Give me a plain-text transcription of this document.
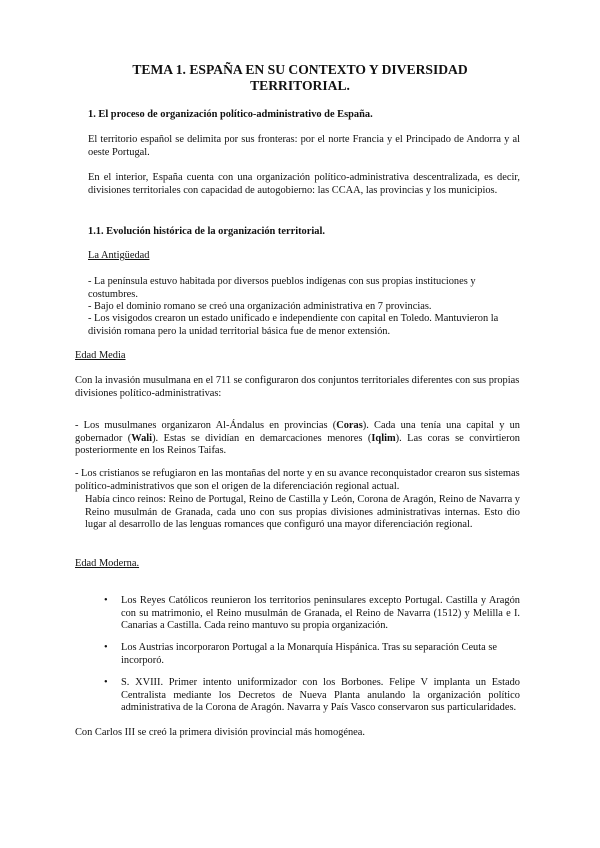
TEMA 1. ESPAÑA EN SU CONTEXTO Y DIVERSIDAD
TERRITORIAL.

1. El proceso de organización político-administrativo de España.

El territorio español se delimita por sus fronteras: por el norte Francia y el Principado de Andorra y al oeste Portugal.

En el interior, España cuenta con una organización político-administrativa descentralizada, es decir, divisiones territoriales con capacidad de autogobierno: las CCAA, las provincias y los municipios.

1.1. Evolución histórica de la organización territorial.

La Antigüedad

- La península estuvo habitada por diversos pueblos indígenas con sus propias instituciones y costumbres.

- Bajo el dominio romano se creó una organización administrativa en 7 provincias.

- Los visigodos crearon un estado unificado e independiente con capital en Toledo. Mantuvieron la división romana pero la unidad territorial básica fue de menor extensión.

Edad Media

Con la invasión musulmana en el 711 se configuraron dos conjuntos territoriales diferentes con sus propias divisiones político-administrativas:

- Los musulmanes organizaron Al-Ándalus en provincias (Coras). Cada una tenía una capital y un gobernador (Wali). Estas se dividían en demarcaciones menores (Iqlim). Las coras se convirtieron posteriormente en los Reinos Taifas.

- Los cristianos se refugiaron en las montañas del norte y en su avance reconquistador crearon sus sistemas político-administrativos que son el origen de la diferenciación regional actual.

Había cinco reinos: Reino de Portugal, Reino de Castilla y León, Corona de Aragón, Reino de Navarra y Reino musulmán de Granada, cada uno con sus propias divisiones administrativas internas. Esto dio lugar al desarrollo de las lenguas romances que configuró una mayor diferenciación regional.

Edad Moderna.

•	Los Reyes Católicos reunieron los territorios peninsulares excepto Portugal. Castilla y Aragón con su matrimonio, el Reino musulmán de Granada, el Reino de Navarra (1512) y Melilla e I. Canarias a Castilla. Cada reino mantuvo su propia organización.

•	Los Austrias incorporaron Portugal a la Monarquía Hispánica. Tras su separación Ceuta se incorporó.

•	S. XVIII. Primer intento uniformizador con los Borbones. Felipe V implanta un Estado Centralista mediante los Decretos de Nueva Planta anulando la organización político administrativa de la Corona de Aragón. Navarra y País Vasco conservaron sus particularidades.

Con Carlos III se creó la primera división provincial más homogénea.
